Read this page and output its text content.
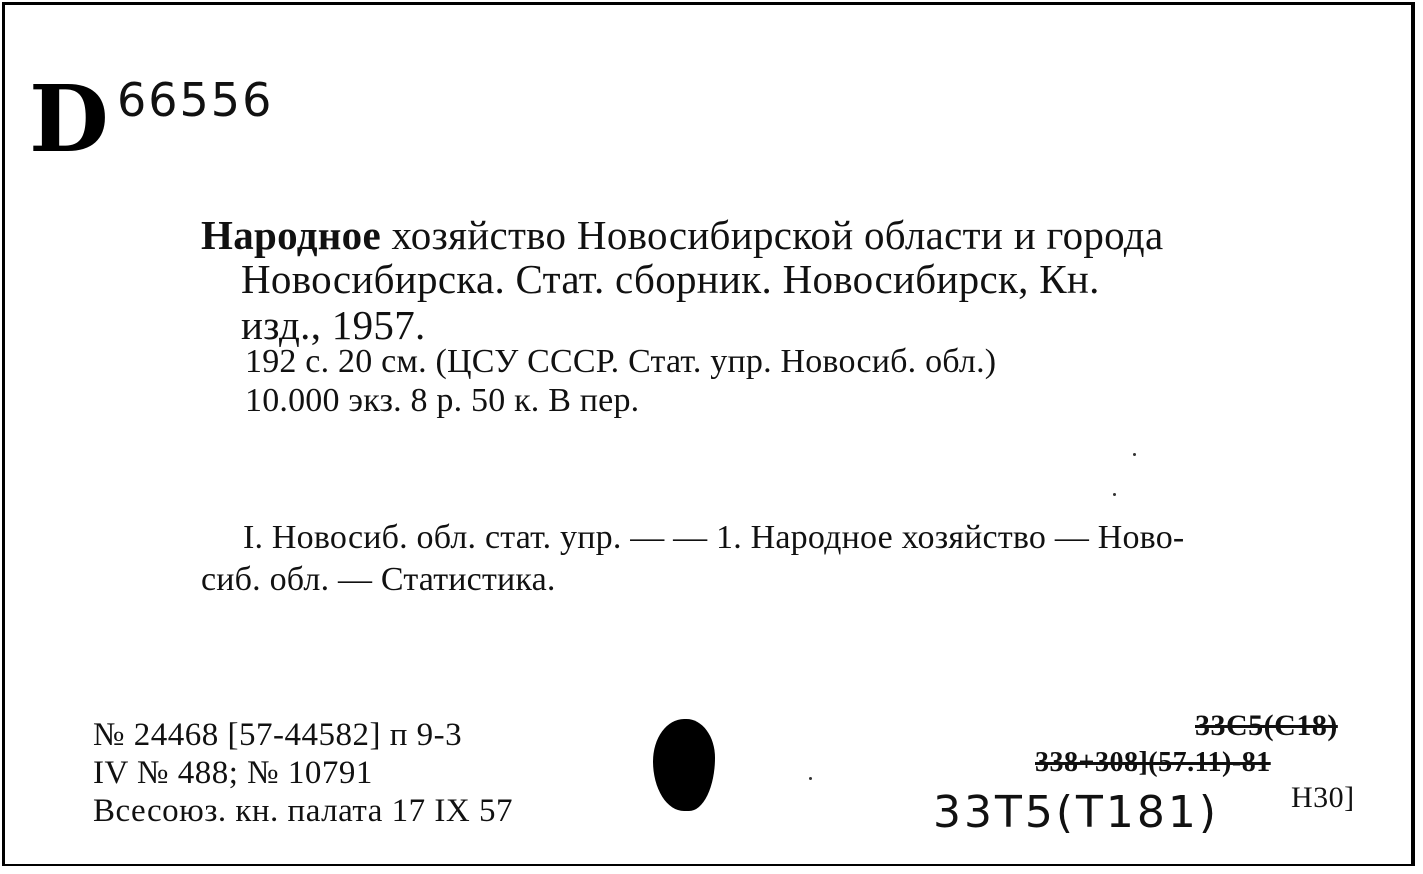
D 66556
Народное хозяйство Новосибирской области и города
Новосибирска. Стат. сборник. Новосибирск, Кн.
изд., 1957.
192 с. 20 см. (ЦСУ СССР. Стат. упр. Новосиб. обл.)
10.000 экз. 8 р. 50 к. В пер.
I. Новосиб. обл. стат. упр. — — 1. Народное хозяйство — Ново-
сиб. обл. — Статистика.
№ 24468 [57-44582] п 9-3
IV № 488; № 10791
Всесоюз. кн. палата 17 IX 57
33С5(С18)
338+308](57.11)-81
Н30]
33Т5(Т181)
